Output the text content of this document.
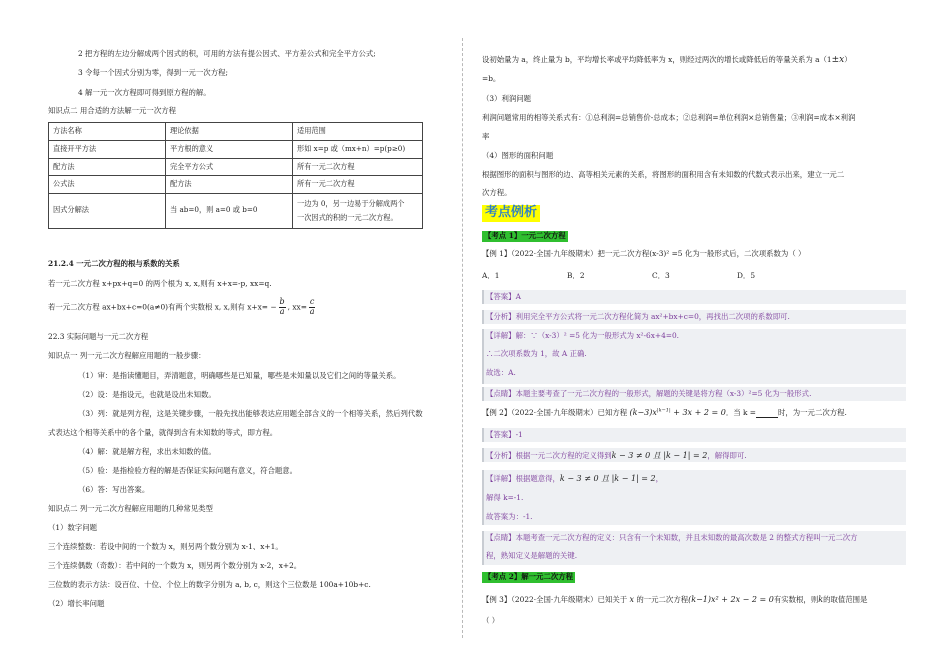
2 把方程的左边分解成两个因式的积，可用的方法有提公因式、平方差公式和完全平方公式;
3 令每一个因式分别为零，得到一元一次方程;
4 解一元一次方程即可得到原方程的解。
知识点二 用合适的方法解一元一次方程
方法名称	理论依据	适用范围
直接开平方法	平方根的意义	形如 x=p 或（mx+n）=p(p≥0)
配方法	完全平方公式	所有一元二次方程
公式法	配方法	所有一元二次方程
因式分解法	当 ab=0，则 a=0 或 b=0	一边为 0，另一边易于分解成两个
一次因式的积的一元二次方程。
21.2.4 一元二次方程的根与系数的关系
若一元二次方程 x+px+q=0 的两个根为 x, x,则有 x+x=-p, xx=q.
若一元二次方程 ax+bx+c=0(a≠0)有两个实数根 x, x,则有 $x+x= - \frac{b}{a}$ , $xx= \frac{c}{a}$
22.3 实际问题与一元二次方程
知识点一 列一元二次方程解应用题的一般步骤：
（1）审：是指读懂题目，弄清题意，明确哪些是已知量，哪些是未知量以及它们之间的等量关系。
（2）设：是指设元，也就是设出未知数。
（3）列：就是列方程，这是关键步骤，一般先找出能够表达应用题全部含义的一个相等关系，然后列代数
式表达这个相等关系中的各个量，就得到含有未知数的等式，即方程。
（4）解：就是解方程，求出未知数的值。
（5）验：是指检验方程的解是否保证实际问题有意义，符合题意。
（6）答：写出答案。
知识点二 列一元二次方程解应用题的几种常见类型
（1）数字问题
三个连续整数：若设中间的一个数为 x，则另两个数分别为 x-1、x+1。
三个连续偶数（奇数）：若中间的一个数为 x，则另两个数分别为 x-2，x+2。
三位数的表示方法：设百位、十位、个位上的数字分别为 a, b, c，则这个三位数是 100a+10b+c.
（2）增长率问题
设初始量为 a，终止量为 b，平均增长率或平均降低率为 x，则经过两次的增长或降低后的等量关系为 a（1±x）
=b。
（3）利润问题
利润问题常用的相等关系式有：①总利润=总销售价-总成本；②总利润=单位利润×总销售量；③利润=成本×利润
率
（4）图形的面积问题
根据图形的面积与图形的边、高等相关元素的关系，将图形的面积用含有未知数的代数式表示出来，建立一元二
次方程。
考点例析
【考点 1】一元二次方程
【例 1】（2022·全国·九年级期末）把一元二次方程(x-3)² =5 化为一般形式后，二次项系数为（ ）
A．1	B．2	C．3	D．5
【答案】A
【分析】利用完全平方公式将一元二次方程化简为 ax²+bx+c=0，再找出二次项的系数即可.
【详解】解：∵（x-3）² =5 化为一般形式为 x²-6x+4=0.
∴二次项系数为 1，故 A 正确.
故选：A.
【点睛】本题主要考查了一元二次方程的一般形式，解题的关键是将方程（x-3）²=5 化为一般形式.
【例 2】（2022·全国·九年级期末）已知方程 $(k-3)x^{|k-1|} + 3x + 2 = 0$．当 k =	时，为一元二次方程.
【答案】-1
【分析】根据一元二次方程的定义得到k − 3 ≠ 0 且 |k − 1| = 2，解得即可.
【详解】根据题意得，k − 3 ≠ 0 且 |k − 1| = 2，
解得 k=-1.
故答案为：-1.
【点睛】本题考查一元二次方程的定义：只含有一个未知数，并且未知数的最高次数是 2 的整式方程叫一元二次方
程，熟知定义是解题的关键.
【考点 2】解一元二次方程
【例 3】（2022·全国·九年级期末）已知关于 x 的一元二次方程(k−1)x² + 2x − 2 = 0有实数根，则k的取值范围是
（ ）
